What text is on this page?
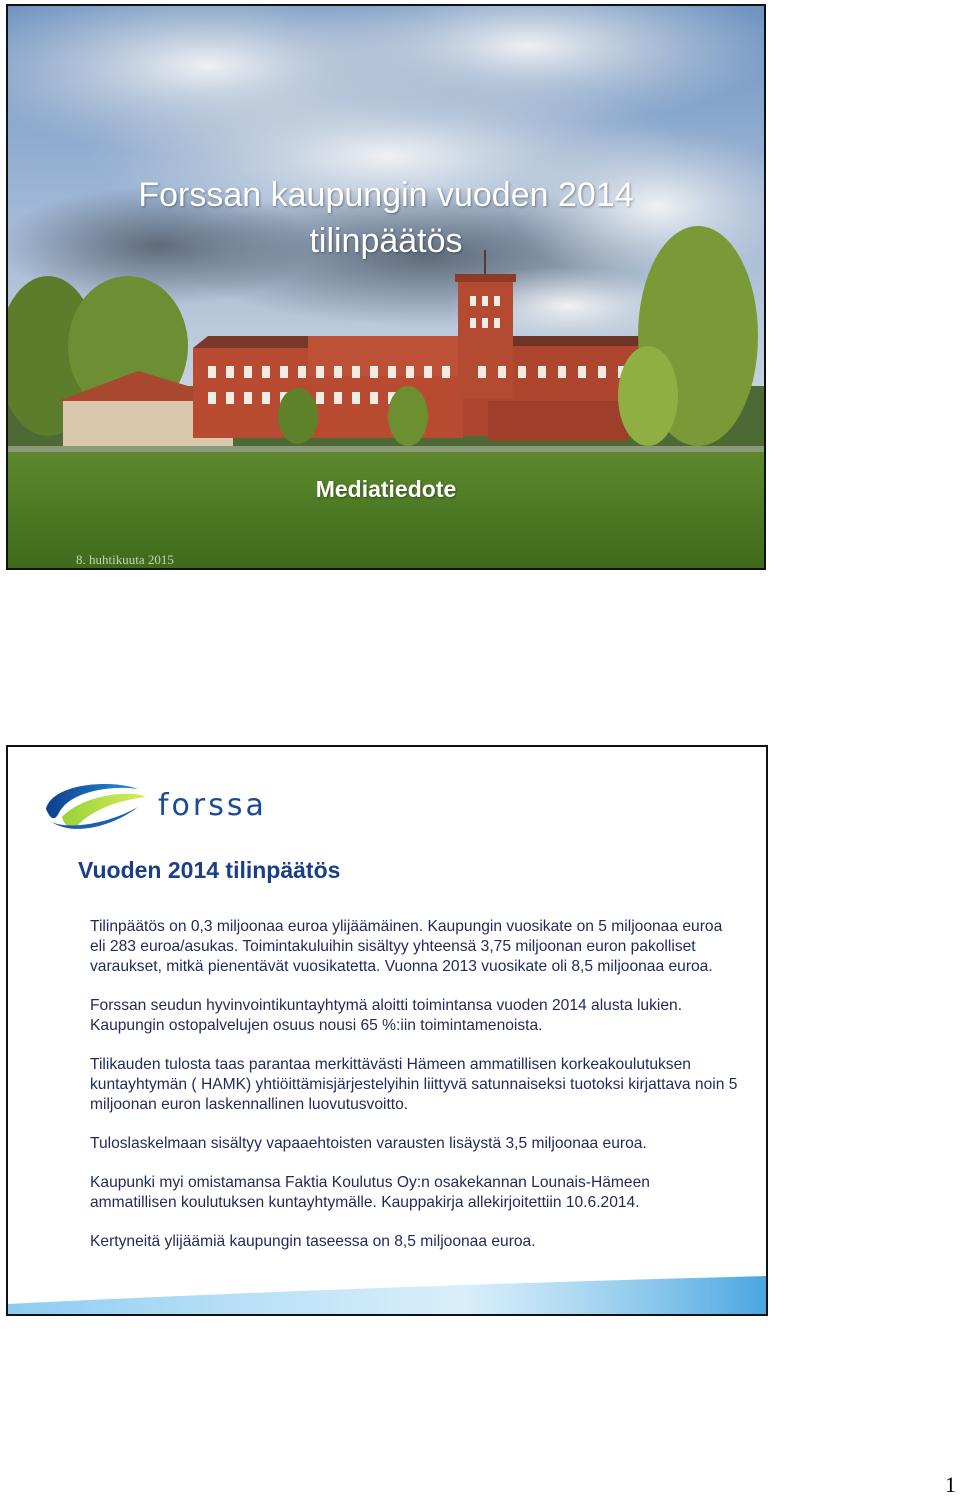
Forssan kaupungin vuoden 2014
tilinpäätös
Mediatiedote
8. huhtikuuta 2015
forssa
Vuoden 2014 tilinpäätös

Tilinpäätös on 0,3 miljoonaa euroa ylijäämäinen. Kaupungin vuosikate on 5 miljoonaa euroa eli 283 euroa/asukas. Toimintakuluihin sisältyy yhteensä 3,75 miljoonan euron pakolliset varaukset, mitkä pienentävät vuosikatetta. Vuonna 2013 vuosikate oli 8,5 miljoonaa euroa.

Forssan seudun hyvinvointikuntayhtymä aloitti toimintansa vuoden 2014 alusta lukien. Kaupungin ostopalvelujen osuus nousi 65 %:iin toimintamenoista.

Tilikauden tulosta taas parantaa merkittävästi Hämeen ammatillisen korkeakoulutuksen kuntayhtymän ( HAMK) yhtiöittämisjärjestelyihin liittyvä satunnaiseksi tuotoksi kirjattava noin 5 miljoonan euron laskennallinen luovutusvoitto.

Tuloslaskelmaan sisältyy vapaaehtoisten varausten lisäystä 3,5 miljoonaa euroa.

Kaupunki myi omistamansa Faktia Koulutus Oy:n osakekannan Lounais-Hämeen ammatillisen koulutuksen kuntayhtymälle. Kauppakirja allekirjoitettiin 10.6.2014.

Kertyneitä ylijäämiä kaupungin taseessa on 8,5 miljoonaa euroa.

1
